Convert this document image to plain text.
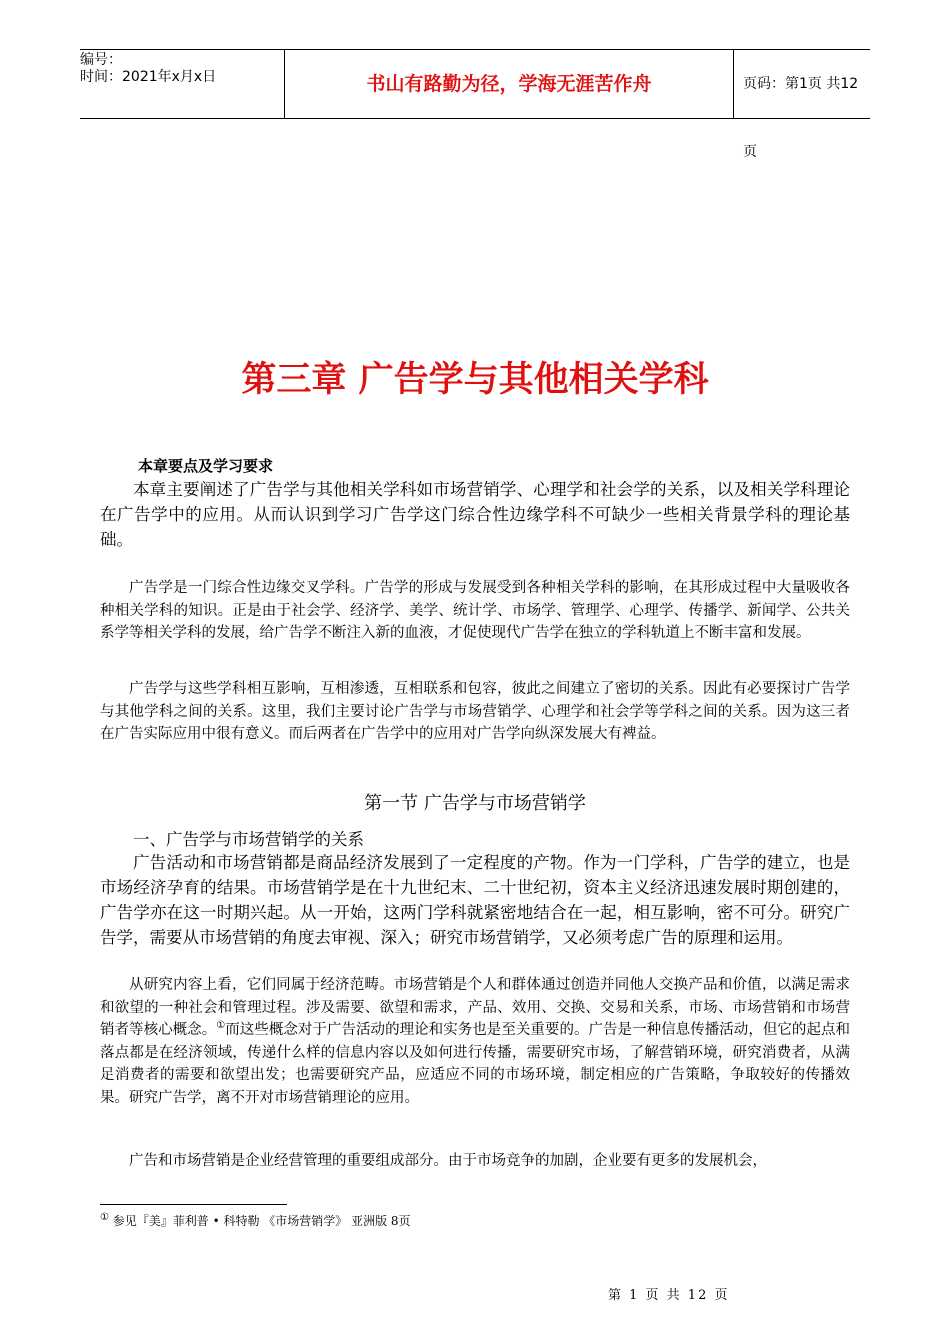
编号：
时间：2021年x月x日	书山有路勤为径，学海无涯苦作舟	页码：第1页 共12页
第三章 广告学与其他相关学科
本章要点及学习要求
本章主要阐述了广告学与其他相关学科如市场营销学、心理学和社会学的关系，以及相关学科理论在广告学中的应用。从而认识到学习广告学这门综合性边缘学科不可缺少一些相关背景学科的理论基础。
广告学是一门综合性边缘交叉学科。广告学的形成与发展受到各种相关学科的影响，在其形成过程中大量吸收各种相关学科的知识。正是由于社会学、经济学、美学、统计学、市场学、管理学、心理学、传播学、新闻学、公共关系学等相关学科的发展，给广告学不断注入新的血液，才促使现代广告学在独立的学科轨道上不断丰富和发展。
广告学与这些学科相互影响，互相渗透，互相联系和包容，彼此之间建立了密切的关系。因此有必要探讨广告学与其他学科之间的关系。这里，我们主要讨论广告学与市场营销学、心理学和社会学等学科之间的关系。因为这三者在广告实际应用中很有意义。而后两者在广告学中的应用对广告学向纵深发展大有裨益。
第一节 广告学与市场营销学
一、广告学与市场营销学的关系
广告活动和市场营销都是商品经济发展到了一定程度的产物。作为一门学科，广告学的建立，也是市场经济孕育的结果。市场营销学是在十九世纪末、二十世纪初，资本主义经济迅速发展时期创建的，广告学亦在这一时期兴起。从一开始，这两门学科就紧密地结合在一起，相互影响，密不可分。研究广告学，需要从市场营销的角度去审视、深入；研究市场营销学，又必须考虑广告的原理和运用。
从研究内容上看，它们同属于经济范畴。市场营销是个人和群体通过创造并同他人交换产品和价值，以满足需求和欲望的一种社会和管理过程。涉及需要、欲望和需求，产品、效用、交换、交易和关系，市场、市场营销和市场营销者等核心概念。①而这些概念对于广告活动的理论和实务也是至关重要的。广告是一种信息传播活动，但它的起点和落点都是在经济领域，传递什么样的信息内容以及如何进行传播，需要研究市场，了解营销环境，研究消费者，从满足消费者的需要和欲望出发；也需要研究产品，应适应不同的市场环境，制定相应的广告策略，争取较好的传播效果。研究广告学，离不开对市场营销理论的应用。
广告和市场营销是企业经营管理的重要组成部分。由于市场竞争的加剧，企业要有更多的发展机会，
① 参见『美』菲利普 • 科特勒 《市场营销学》 亚洲版 8页
第 1 页 共 12 页
